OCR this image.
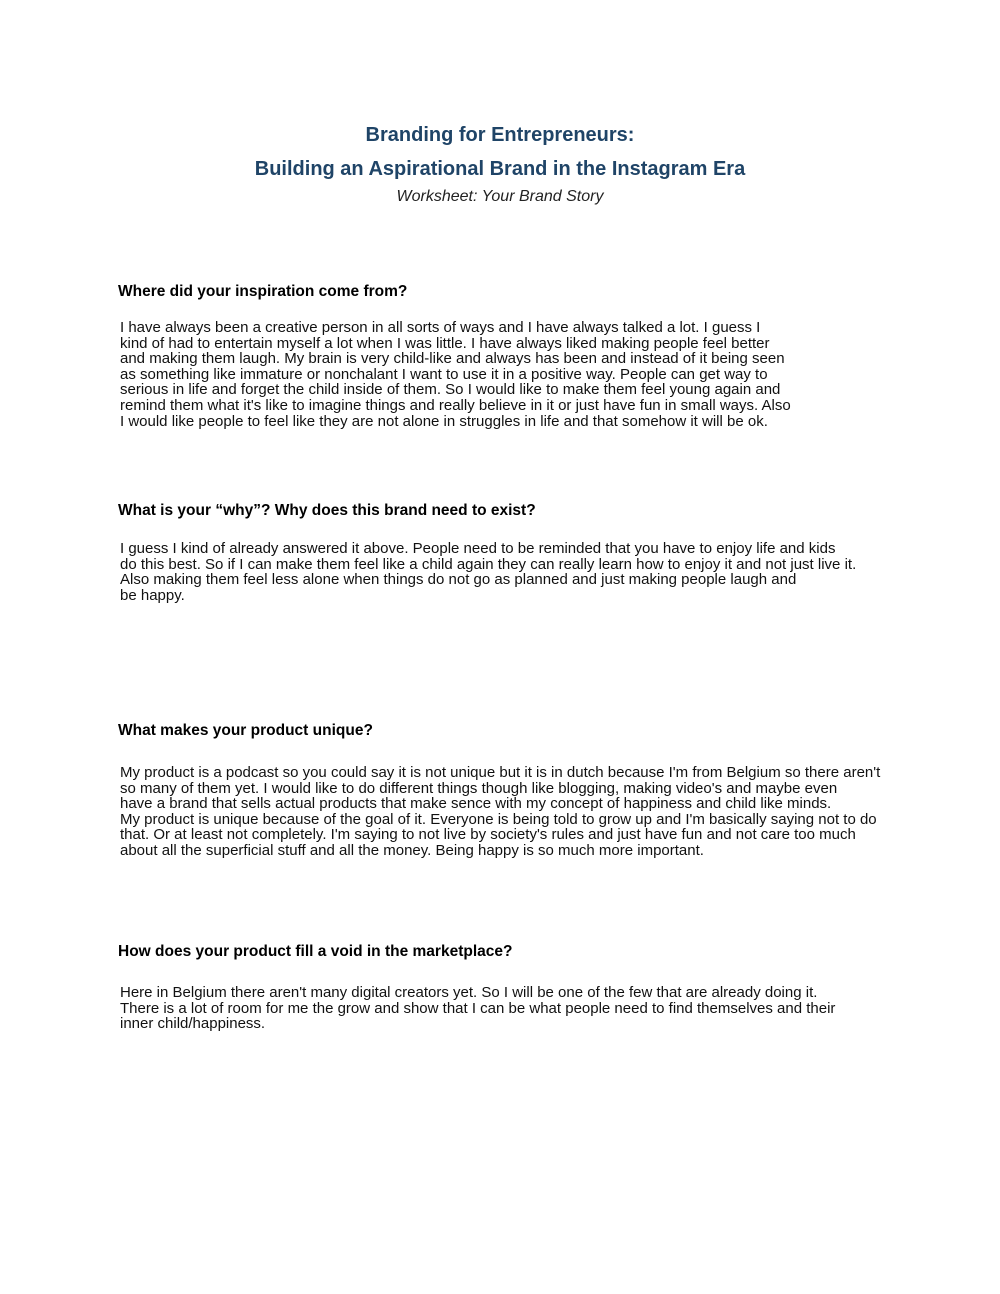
Branding for Entrepreneurs:

Building an Aspirational Brand in the Instagram Era

Worksheet: Your Brand Story

Where did your inspiration come from?

I have always been a creative person in all sorts of ways and I have always talked a lot. I guess I
kind of had to entertain myself a lot when I was little. I have always liked making people feel better
and making them laugh. My brain is very child-like and always has been and instead of it being seen
as something like immature or nonchalant I want to use it in a positive way. People can get way to
serious in life and forget the child inside of them. So I would like to make them feel young again and
remind them what it's like to imagine things and really believe in it or just have fun in small ways. Also
I would like people to feel like they are not alone in struggles in life and that somehow it will be ok.

What is your “why”? Why does this brand need to exist?

I guess I kind of already answered it above. People need to be reminded that you have to enjoy life and kids
do this best. So if I can make them feel like a child again they can really learn how to enjoy it and not just live it.
Also making them feel less alone when things do not go as planned and just making people laugh and
be happy.

What makes your product unique?

My product is a podcast so you could say it is not unique but it is in dutch because I'm from Belgium so there aren't
so many of them yet. I would like to do different things though like blogging, making video's and maybe even
have a brand that sells actual products that make sence with my concept of happiness and child like minds.
My product is unique because of the goal of it. Everyone is being told to grow up and I'm basically saying not to do
that. Or at least not completely. I'm saying to not live by society's rules and just have fun and not care too much
about all the superficial stuff and all the money. Being happy is so much more important.

How does your product fill a void in the marketplace?

Here in Belgium there aren't many digital creators yet. So I will be one of the few that are already doing it.
There is a lot of room for me the grow and show that I can be what people need to find themselves and their
inner child/happiness.
